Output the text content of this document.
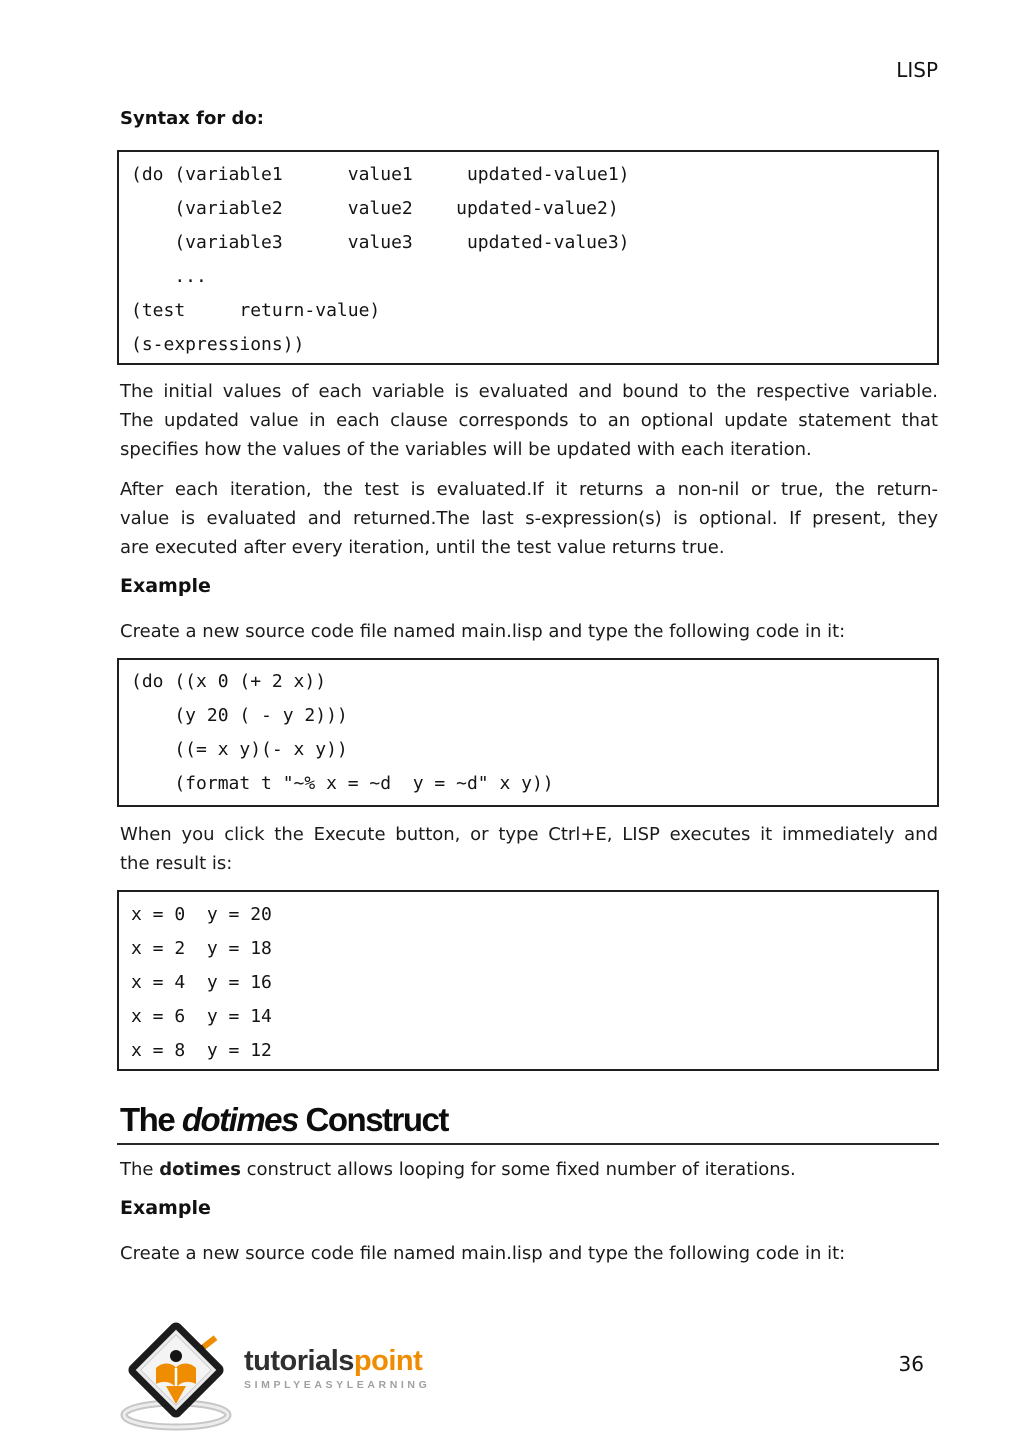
LISP
Syntax for do:
(do (variable1      value1     updated-value1)
(variable2      value2    updated-value2)
(variable3      value3     updated-value3)
...
(test     return-value)
(s-expressions))
The initial values of each variable is evaluated and bound to the respective variable.
The updated value in each clause corresponds to an optional update statement that
specifies how the values of the variables will be updated with each iteration.
After each iteration, the test is evaluated.If it returns a non-nil or true, the return-
value is evaluated and returned.The last s-expression(s) is optional. If present, they
are executed after every iteration, until the test value returns true.
Example
Create a new source code file named main.lisp and type the following code in it:
(do ((x 0 (+ 2 x))
(y 20 ( - y 2)))
((= x y)(- x y))
(format t "~% x = ~d  y = ~d" x y))
When you click the Execute button, or type Ctrl+E, LISP executes it immediately and
the result is:
x = 0  y = 20
x = 2  y = 18
x = 4  y = 16
x = 6  y = 14
x = 8  y = 12
The dotimes Construct
The dotimes construct allows looping for some fixed number of iterations.
Example
Create a new source code file named main.lisp and type the following code in it:
tutorialspoint
SIMPLYEASYLEARNING
36
